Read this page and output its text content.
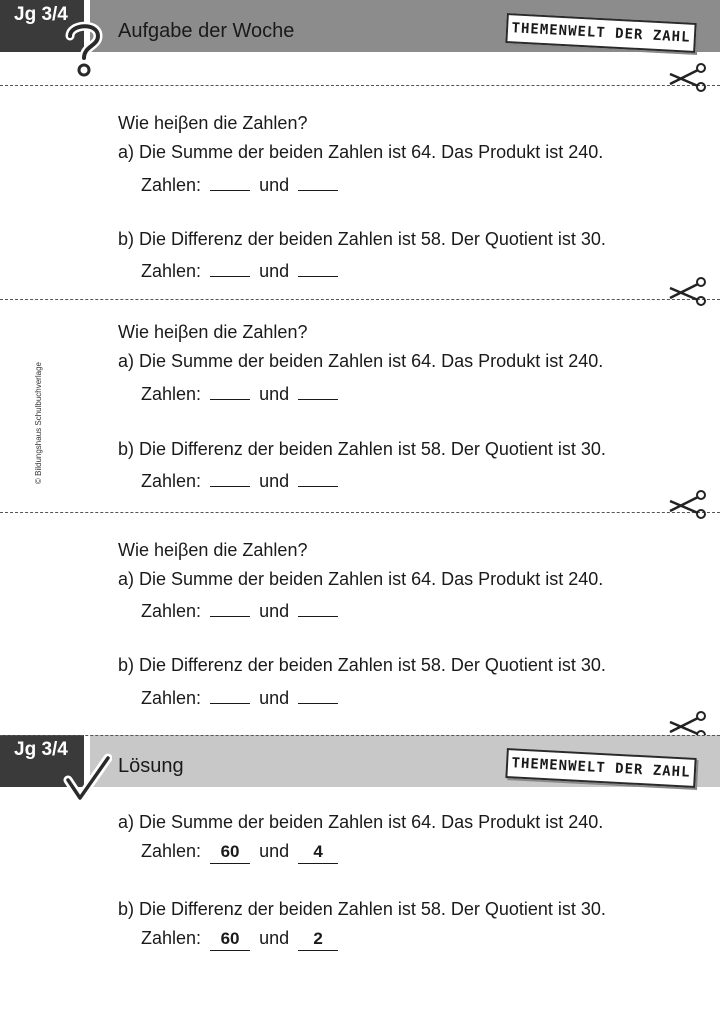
Jg 3/4
Aufgabe der Woche	THEMENWELT DER ZAHL
Wie heiβen die Zahlen?
a) Die Summe der beiden Zahlen ist 64. Das Produkt ist 240.
Zahlen:	und
b) Die Differenz der beiden Zahlen ist 58. Der Quotient ist 30.
Zahlen:	und
Wie heiβen die Zahlen?
a) Die Summe der beiden Zahlen ist 64. Das Produkt ist 240.
Zahlen:	und
b) Die Differenz der beiden Zahlen ist 58. Der Quotient ist 30.
Zahlen:	und
© Bildungshaus Schulbuchverlage
Wie heiβen die Zahlen?
a) Die Summe der beiden Zahlen ist 64. Das Produkt ist 240.
Zahlen:	und
b) Die Differenz der beiden Zahlen ist 58. Der Quotient ist 30.
Zahlen:	und
Jg 3/4
Lösung	THEMENWELT DER ZAHL
a) Die Summe der beiden Zahlen ist 64. Das Produkt ist 240.
Zahlen: 60 und 4
b) Die Differenz der beiden Zahlen ist 58. Der Quotient ist 30.
Zahlen: 60 und 2
